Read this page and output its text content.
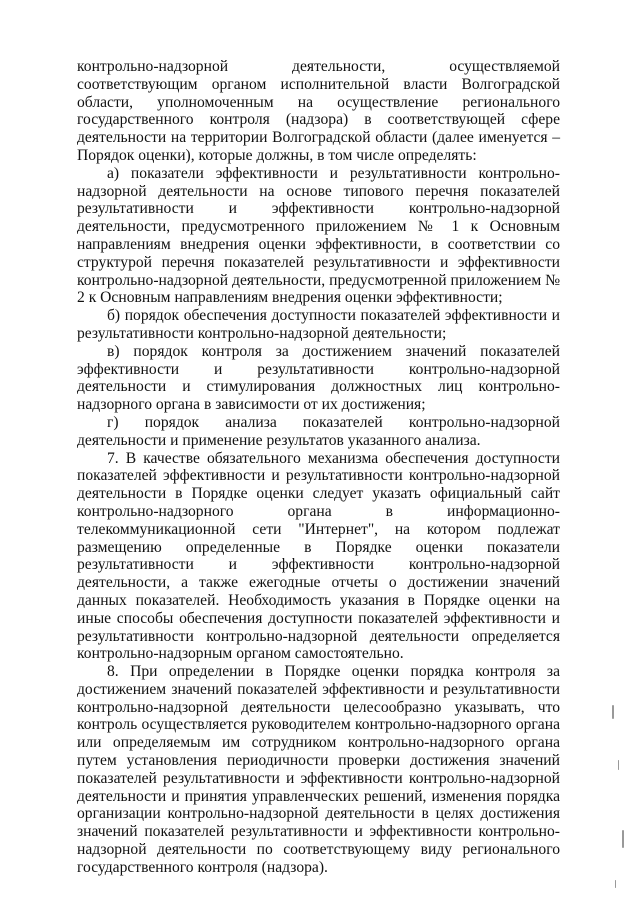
контрольно-надзорной деятельности, осуществляемой соответствующим органом исполнительной власти Волгоградской области, уполномоченным на осуществление регионального государственного контроля (надзора) в соответствующей сфере деятельности на территории Волгоградской области (далее именуется – Порядок оценки), которые должны, в том числе определять:

а) показатели эффективности и результативности контрольно-надзорной деятельности на основе типового перечня показателей результативности и эффективности контрольно-надзорной деятельности, предусмотренного приложением № 1 к Основным направлениям внедрения оценки эффективности, в соответствии со структурой перечня показателей результативности и эффективности контрольно-надзорной деятельности, предусмотренной приложением № 2 к Основным направлениям внедрения оценки эффективности;

б) порядок обеспечения доступности показателей эффективности и результативности контрольно-надзорной деятельности;

в) порядок контроля за достижением значений показателей эффективности и результативности контрольно-надзорной деятельности и стимулирования должностных лиц контрольно-надзорного органа в зависимости от их достижения;

г) порядок анализа показателей контрольно-надзорной деятельности и применение результатов указанного анализа.

7. В качестве обязательного механизма обеспечения доступности показателей эффективности и результативности контрольно-надзорной деятельности в Порядке оценки следует указать официальный сайт контрольно-надзорного органа в информационно-телекоммуникационной сети "Интернет", на котором подлежат размещению определенные в Порядке оценки показатели результативности и эффективности контрольно-надзорной деятельности, а также ежегодные отчеты о достижении значений данных показателей. Необходимость указания в Порядке оценки на иные способы обеспечения доступности показателей эффективности и результативности контрольно-надзорной деятельности определяется контрольно-надзорным органом самостоятельно.

8. При определении в Порядке оценки порядка контроля за достижением значений показателей эффективности и результативности контрольно-надзорной деятельности целесообразно указывать, что контроль осуществляется руководителем контрольно-надзорного органа или определяемым им сотрудником контрольно-надзорного органа путем установления периодичности проверки достижения значений показателей результативности и эффективности контрольно-надзорной деятельности и принятия управленческих решений, изменения порядка организации контрольно-надзорной деятельности в целях достижения значений показателей результативности и эффективности контрольно-надзорной деятельности по соответствующему виду регионального государственного контроля (надзора).
